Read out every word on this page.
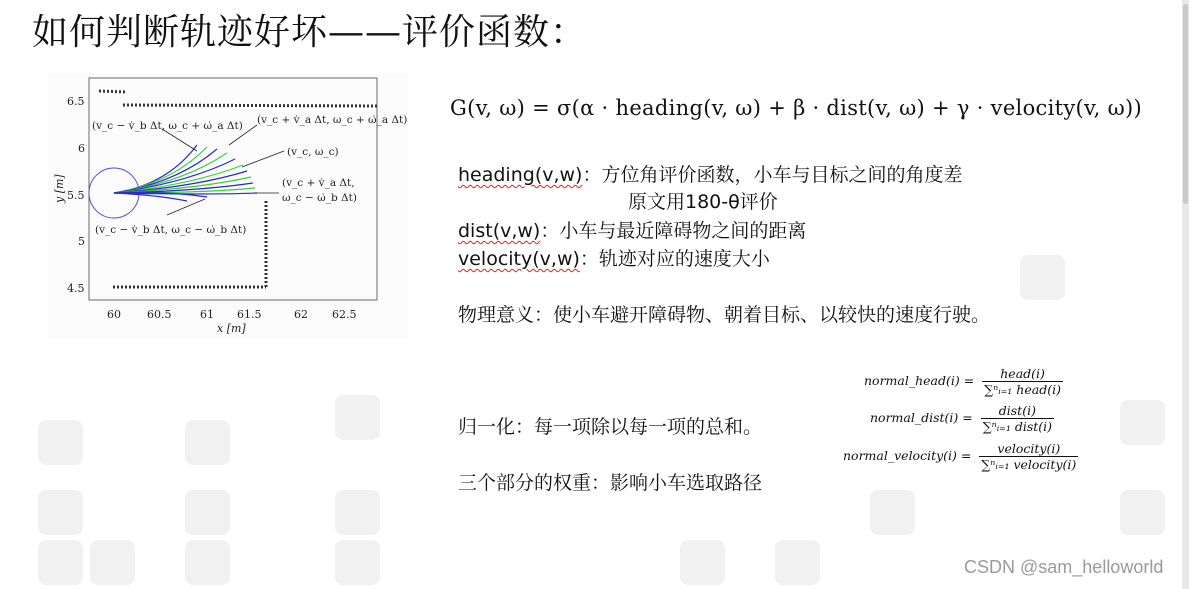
如何判断轨迹好坏——评价函数：
6.5
6
5.5
5
4.5
60 60.5	61 61.5	62 62.5
x [m]
y [m]
(v_c − v̇_b Δt, ω_c + ω̇_a Δt) (v_c + v̇_a Δt, ω_c + ω̇_a Δt)
(v_c, ω_c)
(v_c + v̇_a Δt,
ω_c − ω̇_b Δt)
(v_c − v̇_b Δt, ω_c − ω̇_b Δt)
G(v, ω) = σ(α · heading(v, ω) + β · dist(v, ω) + γ · velocity(v, ω))
heading(v,w)：方位角评价函数，小车与目标之间的角度差
原文用180-θ评价
dist(v,w)：小车与最近障碍物之间的距离
velocity(v,w)：轨迹对应的速度大小
物理意义：使小车避开障碍物、朝着目标、以较快的速度行驶。
归一化：每一项除以每一项的总和。
三个部分的权重：影响小车选取路径
normal_head(i) = $\frac{\text{head(i)}}{\text{∑ⁿᵢ₌₁ head(i)}}$
normal_dist(i) = $\frac{\text{dist(i)}}{\text{∑ⁿᵢ₌₁ dist(i)}}$
normal_velocity(i) = $\frac{\text{velocity(i)}}{\text{∑ⁿᵢ₌₁ velocity(i)}}$
CSDN @sam_helloworld
